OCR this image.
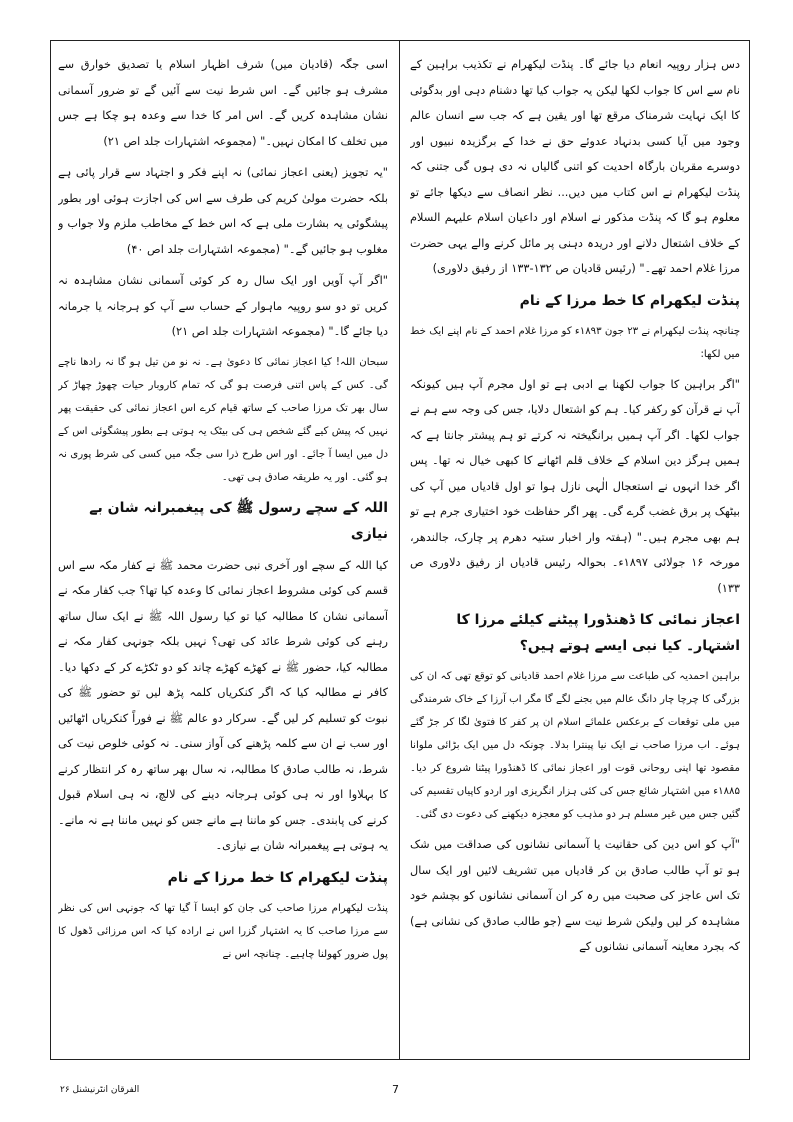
دس ہزار روپیہ انعام دیا جائے گا۔ پنڈت لیکھرام نے تکذیب براہین کے نام سے اس کا جواب لکھا لیکن یہ جواب کیا تھا دشنام دہی اور بدگوئی کا ایک نہایت شرمناک مرقع تھا اور یقین ہے کہ جب سے انسان عالم وجود میں آیا کسی بدنہاد عدوئے حق نے خدا کے برگزیدہ نبیوں اور دوسرے مقربان بارگاہ احدیت کو اتنی گالیاں نہ دی ہوں گی جتنی کہ پنڈت لیکھرام نے اس کتاب میں دیں... نظر انصاف سے دیکھا جائے تو معلوم ہو گا کہ پنڈت مذکور نے اسلام اور داعیان اسلام علیہم السلام کے خلاف اشتعال دلانے اور دریدہ دہنی پر مائل کرنے والے یہی حضرت مرزا غلام احمد تھے۔" (رئیس قادیان ص ۱۳۲-۱۳۳ از رفیق دلاوری)

پنڈت لیکھرام کا خط مرزا کے نام

چنانچہ پنڈت لیکھرام نے ۲۳ جون ۱۸۹۳ء کو مرزا غلام احمد کے نام اپنے ایک خط میں لکھا:

"اگر براہین کا جواب لکھنا بے ادبی ہے تو اول مجرم آپ ہیں کیونکہ آپ نے قرآن کو رکفر کیا۔ ہم کو اشتعال دلایا، جس کی وجہ سے ہم نے جواب لکھا۔ اگر آپ ہمیں برانگیختہ نہ کرتے تو ہم پیشتر جانتا ہے کہ ہمیں ہرگز دین اسلام کے خلاف قلم اٹھانے کا کبھی خیال نہ تھا۔ پس اگر خدا انہوں نے استعجال الٰہی نازل ہوا تو اول قادیاں میں آپ کی بیٹھک پر برق غضب گرے گی۔ پھر اگر حفاظت خود اختیاری جرم ہے تو ہم بھی مجرم ہیں۔" (ہفتہ وار اخبار ستیہ دھرم پر چارک، جالندھر، مورخہ ۱۶ جولائی ۱۸۹۷ء۔ بحوالہ رئیس قادیاں از رفیق دلاوری ص ۱۳۳)

اعجاز نمائی کا ڈھنڈورا پیٹنے کیلئے مرزا کا اشتہار۔ کیا نبی ایسے ہوتے ہیں؟

براہین احمدیہ کی طباعت سے مرزا غلام احمد قادیانی کو توقع تھی کہ ان کی بزرگی کا چرچا چار دانگ عالم میں بجنے لگے گا مگر اب آرزا کے خاک شرمندگی میں ملی توقعات کے برعکس علمائے اسلام ان پر کفر کا فتویٰ لگا کر جڑ گئے ہوئے۔ اب مرزا صاحب نے ایک نیا پینترا بدلا۔ چونکہ دل میں ایک بڑائی ملوانا مقصود تھا اپنی روحانی قوت اور اعجاز نمائی کا ڈھنڈورا پیٹنا شروع کر دیا۔ ۱۸۸۵ء میں اشتہار شائع جس کی کئی ہزار انگریزی اور اردو کاپیاں تقسیم کی گئیں جس میں غیر مسلم ہر دو مذہب کو معجزہ دیکھنے کی دعوت دی گئی۔

"آپ کو اس دین کی حقانیت یا آسمانی نشانوں کی صداقت میں شک ہو تو آپ طالب صادق بن کر قادیاں میں تشریف لائیں اور ایک سال تک اس عاجز کی صحبت میں رہ کر ان آسمانی نشانوں کو بچشم خود مشاہدہ کر لیں ولیکن شرط نیت سے (جو طالب صادق کی نشانی ہے) کہ بجرد معاینہ آسمانی نشانوں کے

اسی جگہ (قادیان میں) شرف اظہار اسلام یا تصدیق خوارق سے مشرف ہو جائیں گے۔ اس شرط نیت سے آئیں گے تو ضرور آسمانی نشان مشاہدہ کریں گے۔ اس امر کا خدا سے وعدہ ہو چکا ہے جس میں تخلف کا امکان نہیں۔" (مجموعہ اشتہارات جلد اص ۲۱)

"یہ تجویز (یعنی اعجاز نمائی) نہ اپنے فکر و اجتہاد سے قرار پائی ہے بلکہ حضرت مولیٰ کریم کی طرف سے اس کی اجازت ہوئی اور بطور پیشگوئی یہ بشارت ملی ہے کہ اس خط کے مخاطب ملزم ولا جواب و مغلوب ہو جائیں گے۔" (مجموعہ اشتہارات جلد اص ۴۰)

"اگر آپ آویں اور ایک سال رہ کر کوئی آسمانی نشان مشاہدہ نہ کریں تو دو سو روپیہ ماہوار کے حساب سے آپ کو ہرجانہ یا جرمانہ دیا جائے گا۔" (مجموعہ اشتہارات جلد اص ۲۱)

سبحان اللہ! کیا اعجاز نمائی کا دعویٰ ہے۔ نہ نو من تیل ہو گا نہ رادھا ناچے گی۔ کس کے پاس اتنی فرصت ہو گی کہ تمام کاروبار حیات چھوڑ چھاڑ کر سال بھر تک مرزا صاحب کے ساتھ قیام کرے اس اعجاز نمائی کی حقیقت پھر نہیں کہ پیش کیے گئے شخص ہی کی بیٹک یہ ہوتی ہے بطور پیشگوئی اس کے دل میں ایسا آ جائے۔ اور اس طرح ذرا سی جگہ میں کسی کی شرط پوری نہ ہو گئی۔ اور یہ طریقہ صادق ہی تھی۔

اللہ کے سچے رسول ﷺ کی پیغمبرانہ شان بے نیازی

کیا اللہ کے سچے اور آخری نبی حضرت محمد ﷺ نے کفار مکہ سے اس قسم کی کوئی مشروط اعجاز نمائی کا وعدہ کیا تھا؟ جب کفار مکہ نے آسمانی نشان کا مطالبہ کیا تو کیا رسول اللہ ﷺ نے ایک سال ساتھ رہنے کی کوئی شرط عائد کی تھی؟ نہیں بلکہ جونہی کفار مکہ نے مطالبہ کیا، حضور ﷺ نے کھڑے کھڑے چاند کو دو ٹکڑے کر کے دکھا دیا۔ کافر نے مطالبہ کیا کہ اگر کنکریاں کلمہ پڑھ لیں تو حضور ﷺ کی نبوت کو تسلیم کر لیں گے۔ سرکار دو عالم ﷺ نے فوراً کنکریاں اٹھائیں اور سب نے ان سے کلمہ پڑھنے کی آواز سنی۔ نہ کوئی خلوص نیت کی شرط، نہ طالب صادق کا مطالبہ، نہ سال بھر ساتھ رہ کر انتظار کرنے کا بہلاوا اور نہ ہی کوئی ہرجانہ دینے کی لالچ، نہ ہی اسلام قبول کرنے کی پابندی۔ جس کو ماننا ہے مانے جس کو نہیں ماننا ہے نہ مانے۔ یہ ہوتی ہے پیغمبرانہ شان بے نیازی۔

پنڈت لیکھرام کا خط مرزا کے نام

پنڈت لیکھرام مرزا صاحب کی جان کو ایسا آ گیا تھا کہ جونہی اس کی نظر سے مرزا صاحب کا یہ اشتہار گزرا اس نے ارادہ کیا کہ اس مرزائی ڈھول کا پول ضرور کھولنا چاہیے۔ چنانچہ اس نے

الفرقان انٹرنیشنل ۲۶	7
